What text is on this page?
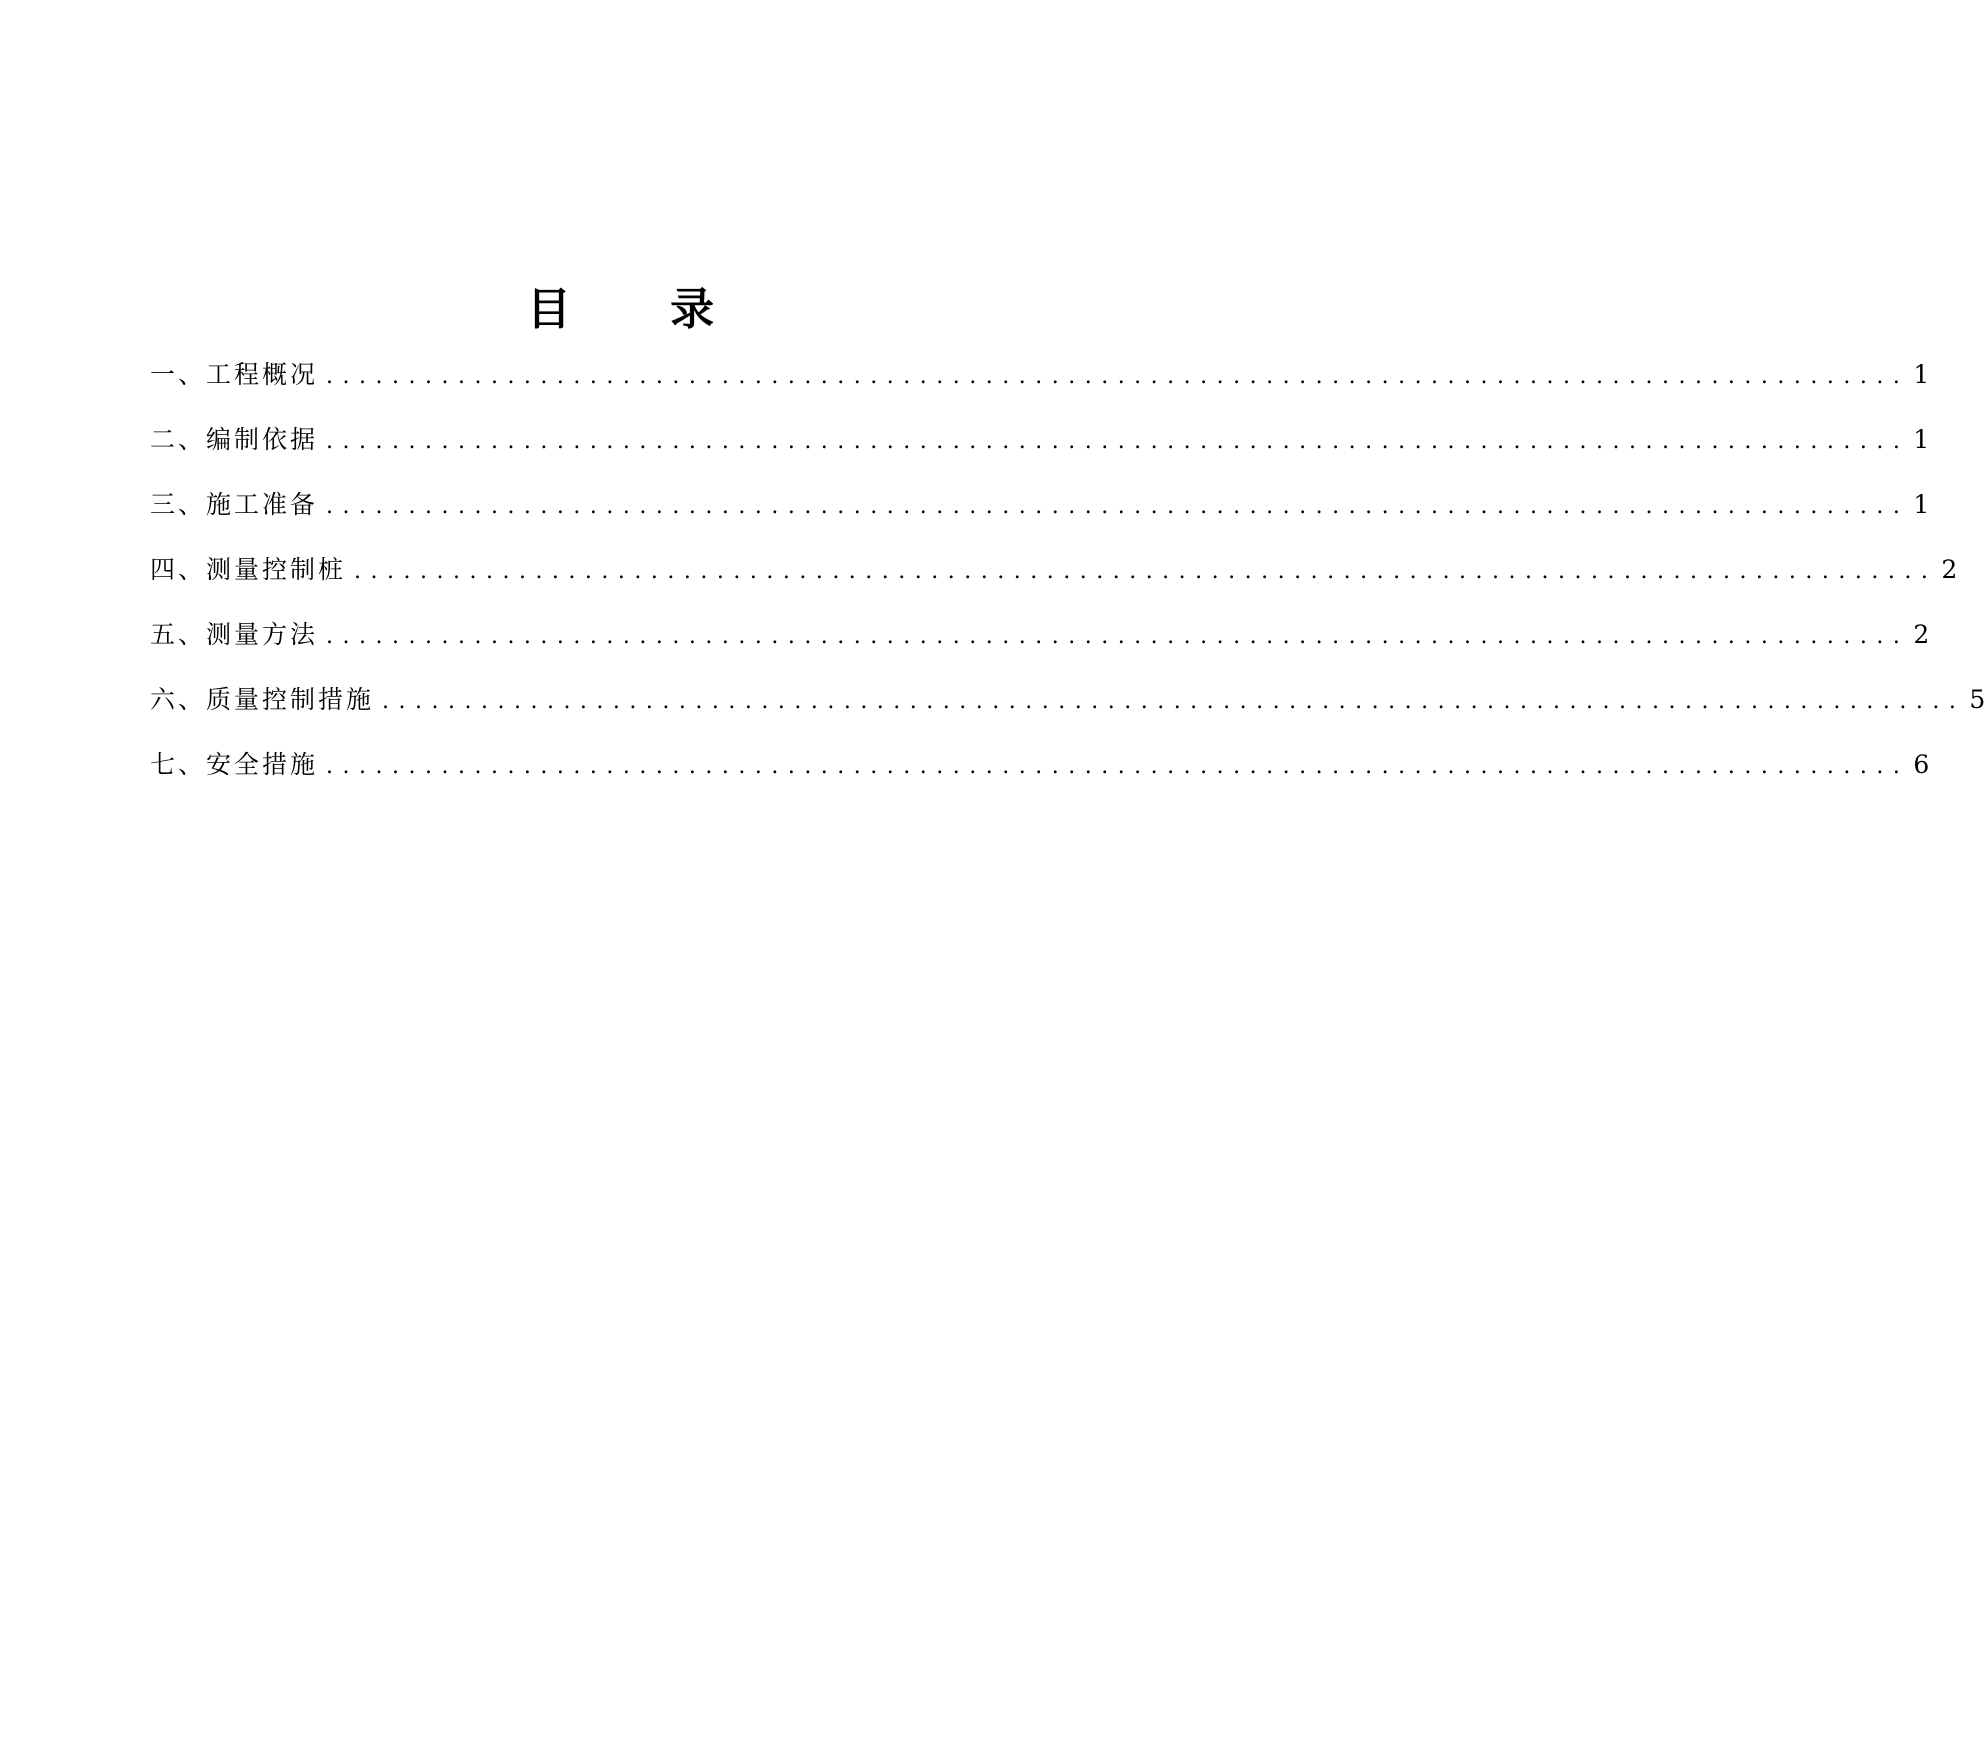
目 录
一、工程概况 ................................................................................................ 1
二、编制依据 ................................................................................................ 1
三、施工准备 ................................................................................................ 1
四、测量控制桩 ................................................................................................ 2
五、测量方法 ................................................................................................ 2
六、质量控制措施 ................................................................................................ 5
七、安全措施 ................................................................................................ 6
